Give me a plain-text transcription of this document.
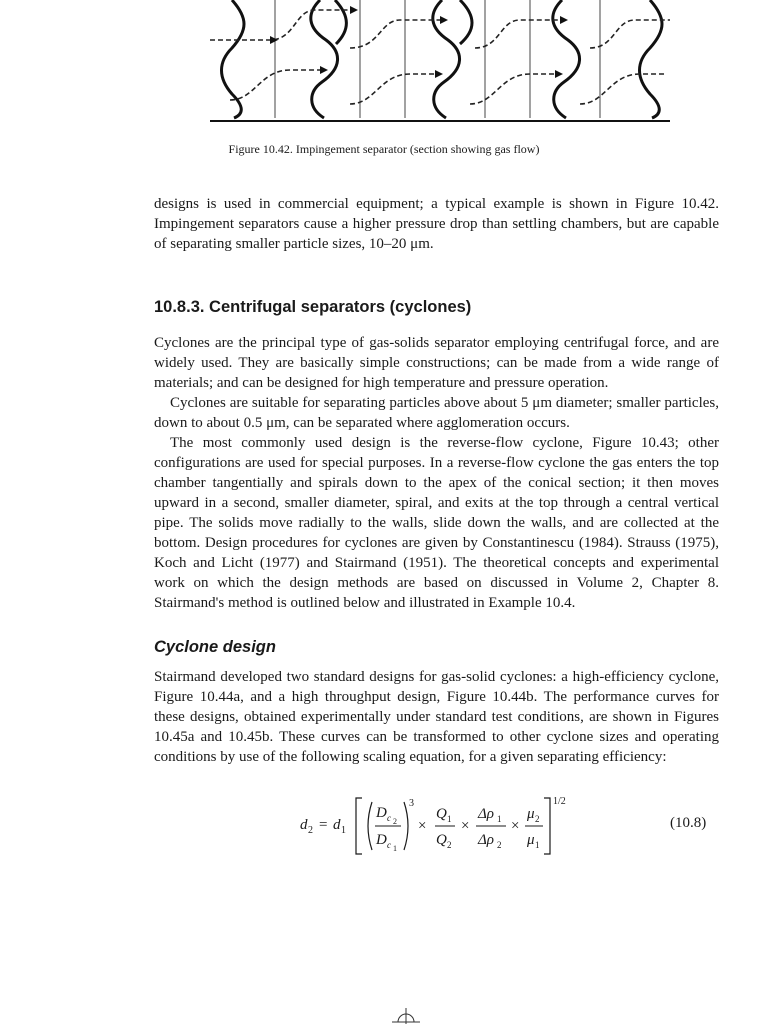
Figure 10.42. Impingement separator (section showing gas flow)

designs is used in commercial equipment; a typical example is shown in Figure 10.42. Impingement separators cause a higher pressure drop than settling chambers, but are capable of separating smaller particle sizes, 10–20 μm.

10.8.3. Centrifugal separators (cyclones)

Cyclones are the principal type of gas-solids separator employing centrifugal force, and are widely used. They are basically simple constructions; can be made from a wide range of materials; and can be designed for high temperature and pressure operation.

Cyclones are suitable for separating particles above about 5 μm diameter; smaller particles, down to about 0.5 μm, can be separated where agglomeration occurs.

The most commonly used design is the reverse-flow cyclone, Figure 10.43; other configurations are used for special purposes. In a reverse-flow cyclone the gas enters the top chamber tangentially and spirals down to the apex of the conical section; it then moves upward in a second, smaller diameter, spiral, and exits at the top through a central vertical pipe. The solids move radially to the walls, slide down the walls, and are collected at the bottom. Design procedures for cyclones are given by Constantinescu (1984). Strauss (1975), Koch and Licht (1977) and Stairmand (1951). The theoretical concepts and experimental work on which the design methods are based on discussed in Volume 2, Chapter 8. Stairmand's method is outlined below and illustrated in Example 10.4.

Cyclone design

Stairmand developed two standard designs for gas-solid cyclones: a high-efficiency cyclone, Figure 10.44a, and a high throughput design, Figure 10.44b. The performance curves for these designs, obtained experimentally under standard test conditions, are shown in Figures 10.45a and 10.45b. These curves can be transformed to other cyclone sizes and operating conditions by use of the following scaling equation, for a given separating efficiency:

d 2 = d 1
D c 2
D c 1
3
×
Q 1
Q 2
×
Δρ 1
Δρ 2
×
μ 2
μ 1
1/2
(10.8)
